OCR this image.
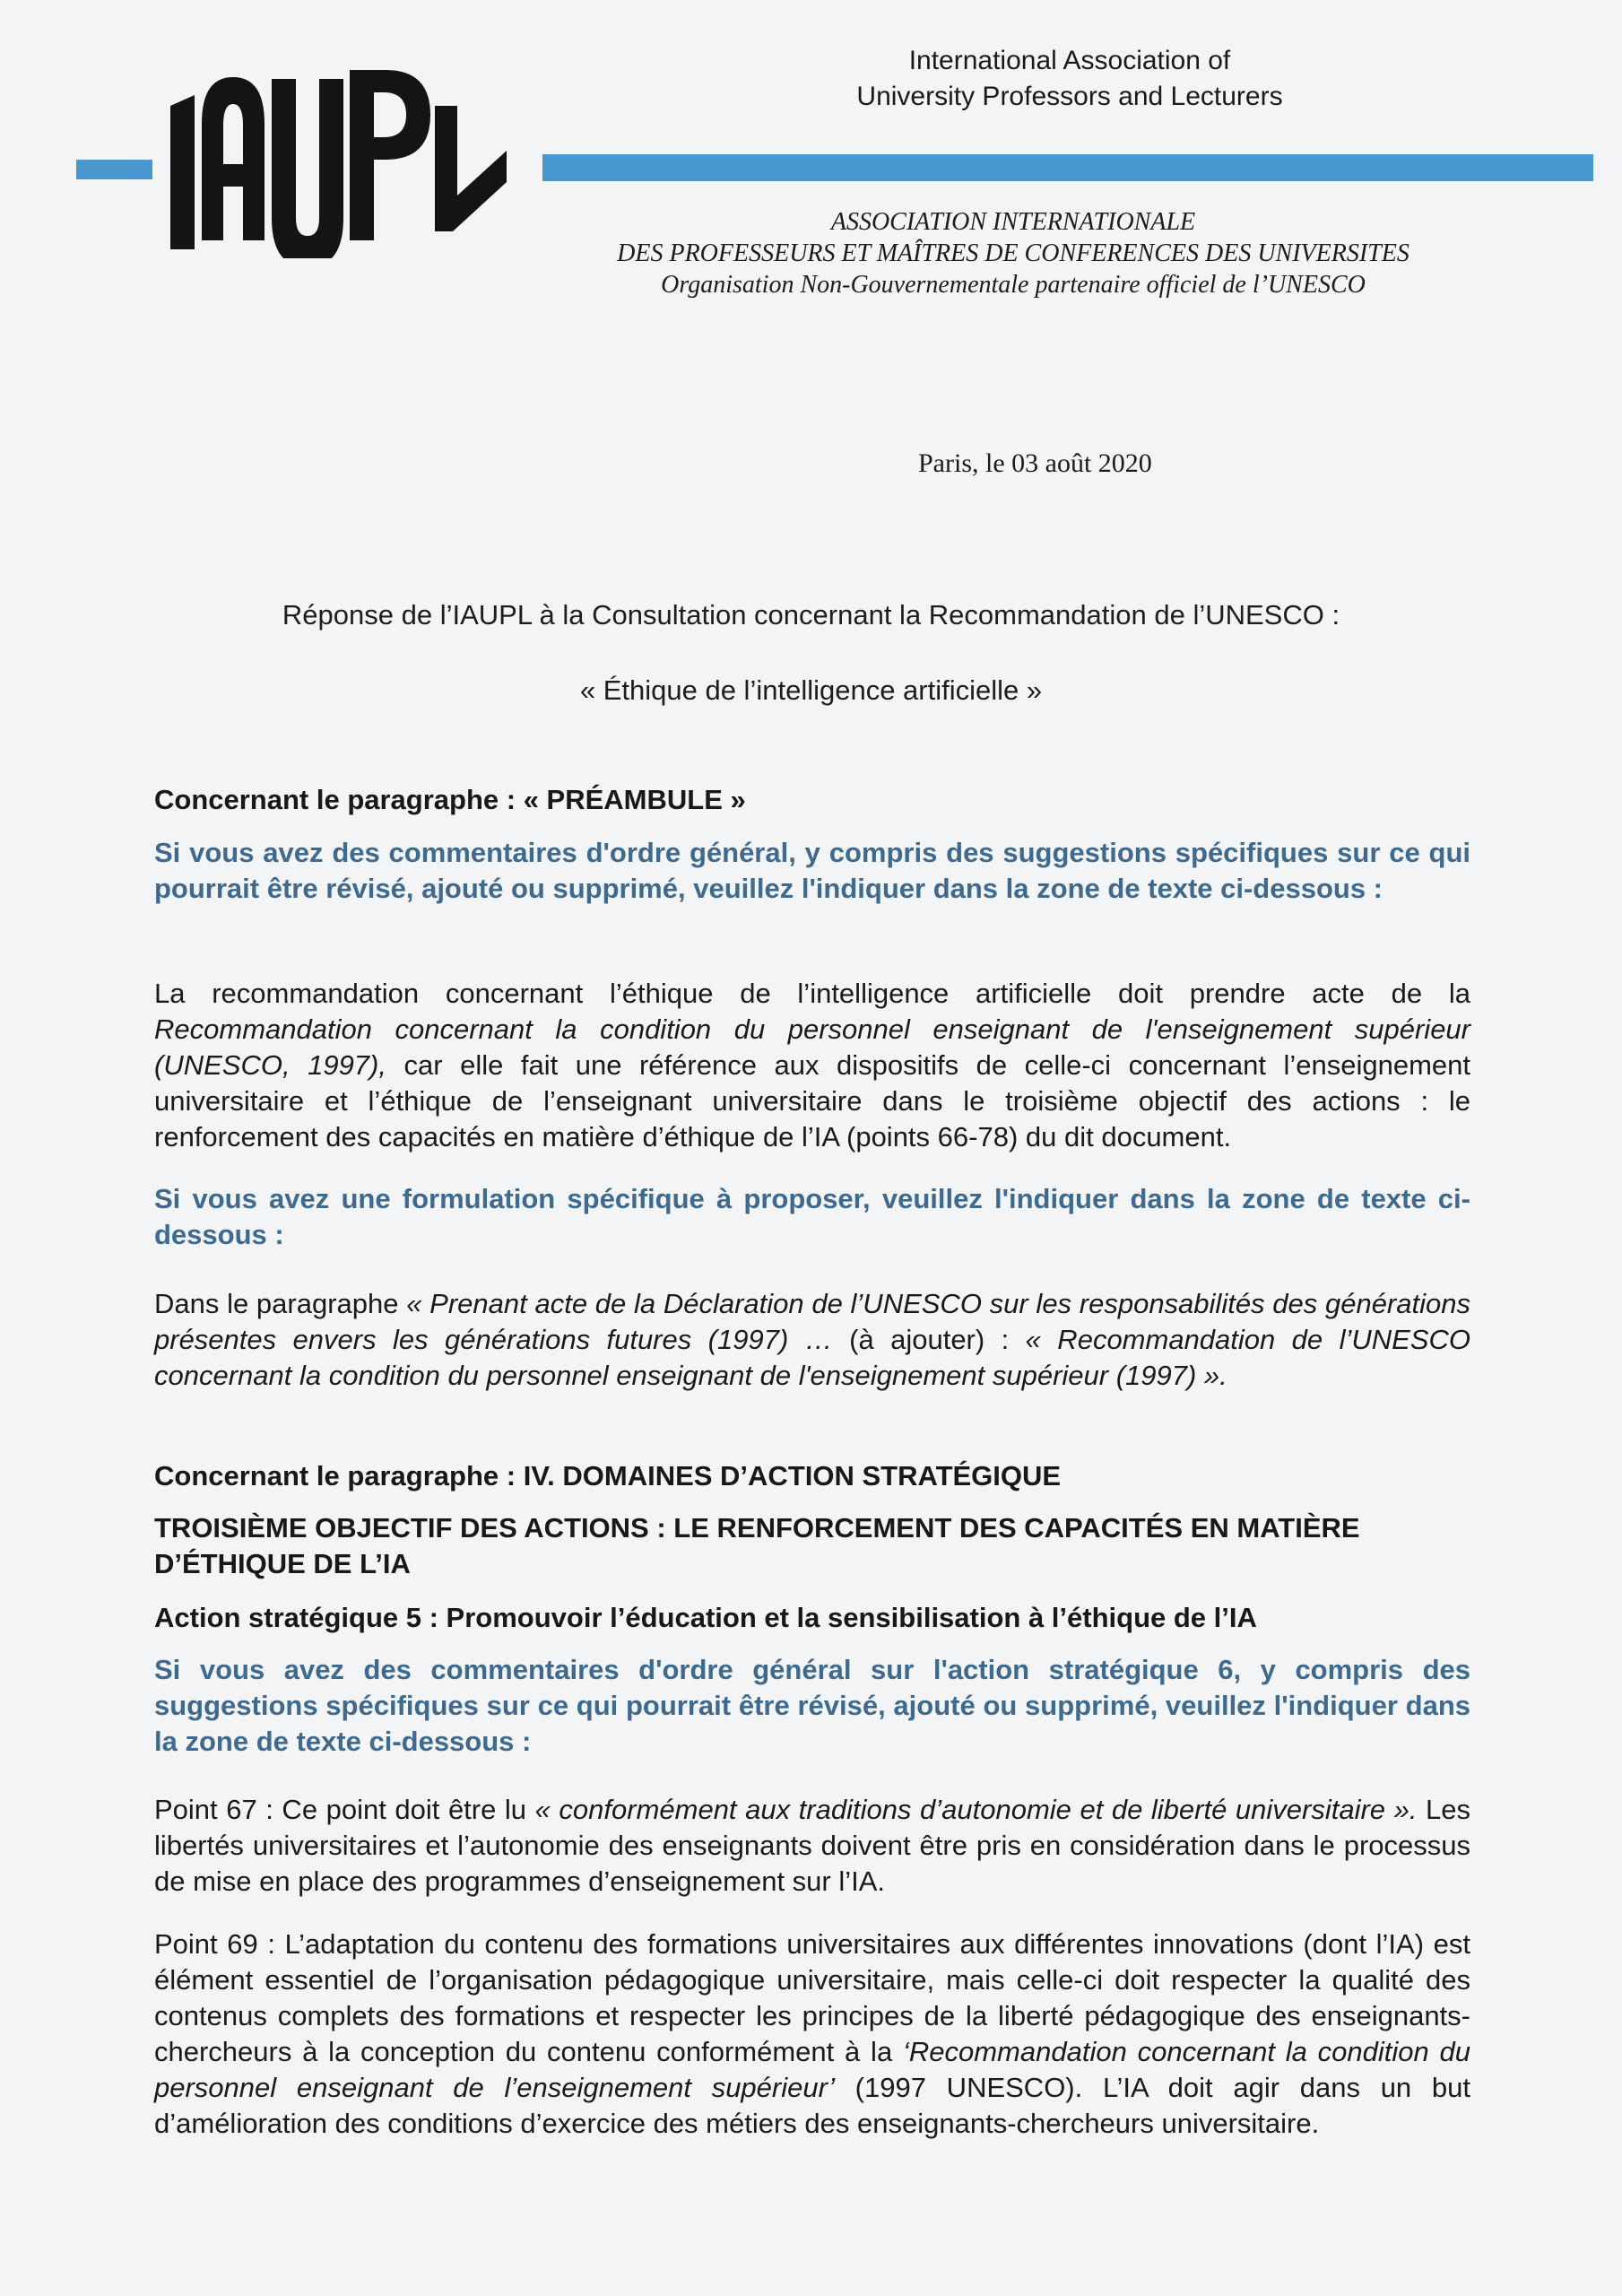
International Association of
University Professors and Lecturers
ASSOCIATION INTERNATIONALE
DES PROFESSEURS ET MAÎTRES DE CONFERENCES DES UNIVERSITES
Organisation Non-Gouvernementale partenaire officiel de l’UNESCO
Paris, le 03 août 2020
Réponse de l’IAUPL à la Consultation concernant la Recommandation de l’UNESCO :
« Éthique de l’intelligence artificielle »
Concernant le paragraphe : « PRÉAMBULE »
Si vous avez des commentaires d'ordre général, y compris des suggestions spécifiques sur ce qui pourrait être révisé, ajouté ou supprimé, veuillez l'indiquer dans la zone de texte ci-dessous :
La recommandation concernant l’éthique de l’intelligence artificielle doit prendre acte de la Recommandation concernant la condition du personnel enseignant de l'enseignement supérieur (UNESCO, 1997), car elle fait une référence aux dispositifs de celle-ci concernant l’enseignement universitaire et l’éthique de l’enseignant universitaire dans le troisième objectif des actions : le renforcement des capacités en matière d’éthique de l’IA (points 66-78) du dit document.
Si vous avez une formulation spécifique à proposer, veuillez l'indiquer dans la zone de texte ci-dessous :
Dans le paragraphe « Prenant acte de la Déclaration de l’UNESCO sur les responsabilités des générations présentes envers les générations futures (1997) … (à ajouter) : « Recommandation de l’UNESCO concernant la condition du personnel enseignant de l'enseignement supérieur (1997) ».
Concernant le paragraphe : IV. DOMAINES D’ACTION STRATÉGIQUE
TROISIÈME OBJECTIF DES ACTIONS : LE RENFORCEMENT DES CAPACITÉS EN MATIÈRE D’ÉTHIQUE DE L’IA
Action stratégique 5 : Promouvoir l’éducation et la sensibilisation à l’éthique de l’IA
Si vous avez des commentaires d'ordre général sur l'action stratégique 6, y compris des suggestions spécifiques sur ce qui pourrait être révisé, ajouté ou supprimé, veuillez l'indiquer dans la zone de texte ci-dessous :
Point 67 : Ce point doit être lu « conformément aux traditions d’autonomie et de liberté universitaire ». Les libertés universitaires et l’autonomie des enseignants doivent être pris en considération dans le processus de mise en place des programmes d’enseignement sur l’IA.
Point 69 : L’adaptation du contenu des formations universitaires aux différentes innovations (dont l’IA) est élément essentiel de l’organisation pédagogique universitaire, mais celle-ci doit respecter la qualité des contenus complets des formations et respecter les principes de la liberté pédagogique des enseignants-chercheurs à la conception du contenu conformément à la ‘Recommandation concernant la condition du personnel enseignant de l’enseignement supérieur’ (1997 UNESCO). L’IA doit agir dans un but d’amélioration des conditions d’exercice des métiers des enseignants-chercheurs universitaire.
